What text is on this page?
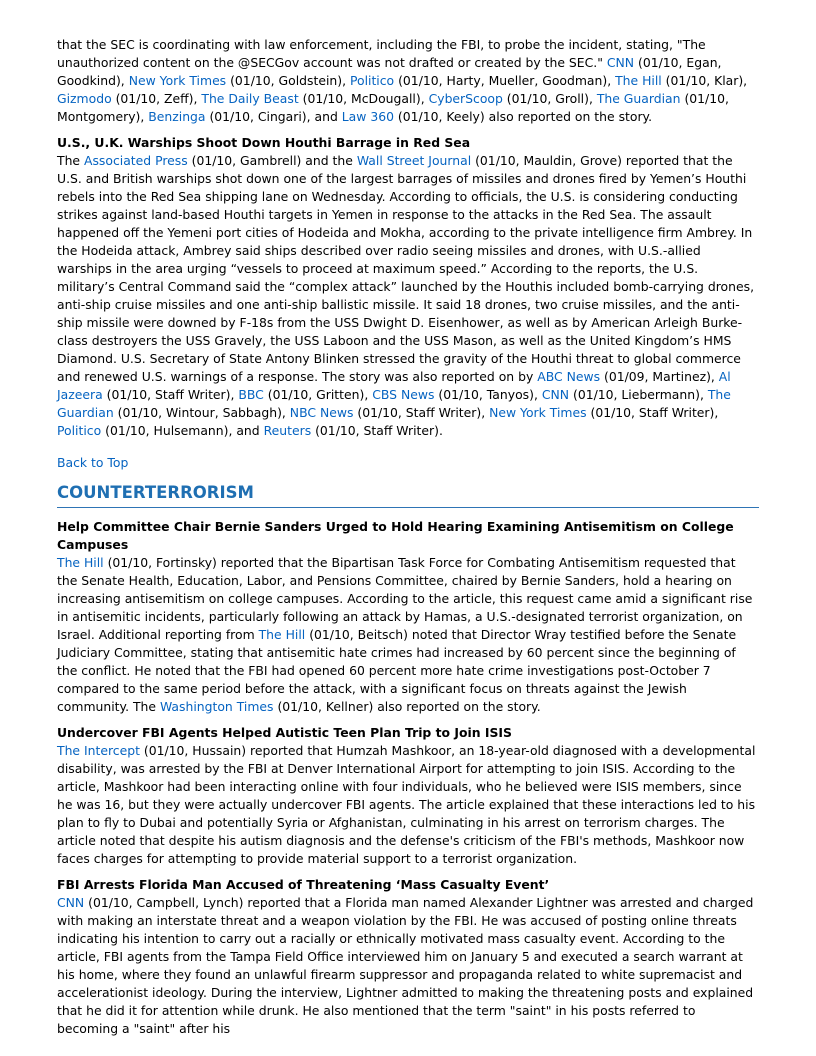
that the SEC is coordinating with law enforcement, including the FBI, to probe the incident, stating, "The unauthorized content on the @SECGov account was not drafted or created by the SEC." CNN (01/10, Egan, Goodkind), New York Times (01/10, Goldstein), Politico (01/10, Harty, Mueller, Goodman), The Hill (01/10, Klar), Gizmodo (01/10, Zeff), The Daily Beast (01/10, McDougall), CyberScoop (01/10, Groll), The Guardian (01/10, Montgomery), Benzinga (01/10, Cingari), and Law 360 (01/10, Keely) also reported on the story.

U.S., U.K. Warships Shoot Down Houthi Barrage in Red Sea

The Associated Press (01/10, Gambrell) and the Wall Street Journal (01/10, Mauldin, Grove) reported that the U.S. and British warships shot down one of the largest barrages of missiles and drones fired by Yemen’s Houthi rebels into the Red Sea shipping lane on Wednesday. According to officials, the U.S. is considering conducting strikes against land-based Houthi targets in Yemen in response to the attacks in the Red Sea. The assault happened off the Yemeni port cities of Hodeida and Mokha, according to the private intelligence firm Ambrey. In the Hodeida attack, Ambrey said ships described over radio seeing missiles and drones, with U.S.-allied warships in the area urging “vessels to proceed at maximum speed.” According to the reports, the U.S. military’s Central Command said the “complex attack” launched by the Houthis included bomb-carrying drones, anti-ship cruise missiles and one anti-ship ballistic missile. It said 18 drones, two cruise missiles, and the anti-ship missile were downed by F-18s from the USS Dwight D. Eisenhower, as well as by American Arleigh Burke-class destroyers the USS Gravely, the USS Laboon and the USS Mason, as well as the United Kingdom’s HMS Diamond. U.S. Secretary of State Antony Blinken stressed the gravity of the Houthi threat to global commerce and renewed U.S. warnings of a response. The story was also reported on by ABC News (01/09, Martinez), Al Jazeera (01/10, Staff Writer), BBC (01/10, Gritten), CBS News (01/10, Tanyos), CNN (01/10, Liebermann), The Guardian (01/10, Wintour, Sabbagh), NBC News (01/10, Staff Writer), New York Times (01/10, Staff Writer), Politico (01/10, Hulsemann), and Reuters (01/10, Staff Writer).

Back to Top
COUNTERTERRORISM

Help Committee Chair Bernie Sanders Urged to Hold Hearing Examining Antisemitism on College Campuses

The Hill (01/10, Fortinsky) reported that the Bipartisan Task Force for Combating Antisemitism requested that the Senate Health, Education, Labor, and Pensions Committee, chaired by Bernie Sanders, hold a hearing on increasing antisemitism on college campuses. According to the article, this request came amid a significant rise in antisemitic incidents, particularly following an attack by Hamas, a U.S.-designated terrorist organization, on Israel. Additional reporting from The Hill (01/10, Beitsch) noted that Director Wray testified before the Senate Judiciary Committee, stating that antisemitic hate crimes had increased by 60 percent since the beginning of the conflict. He noted that the FBI had opened 60 percent more hate crime investigations post-October 7 compared to the same period before the attack, with a significant focus on threats against the Jewish community. The Washington Times (01/10, Kellner) also reported on the story.

Undercover FBI Agents Helped Autistic Teen Plan Trip to Join ISIS

The Intercept (01/10, Hussain) reported that Humzah Mashkoor, an 18-year-old diagnosed with a developmental disability, was arrested by the FBI at Denver International Airport for attempting to join ISIS. According to the article, Mashkoor had been interacting online with four individuals, who he believed were ISIS members, since he was 16, but they were actually undercover FBI agents. The article explained that these interactions led to his plan to fly to Dubai and potentially Syria or Afghanistan, culminating in his arrest on terrorism charges. The article noted that despite his autism diagnosis and the defense's criticism of the FBI's methods, Mashkoor now faces charges for attempting to provide material support to a terrorist organization.

FBI Arrests Florida Man Accused of Threatening ‘Mass Casualty Event’

CNN (01/10, Campbell, Lynch) reported that a Florida man named Alexander Lightner was arrested and charged with making an interstate threat and a weapon violation by the FBI. He was accused of posting online threats indicating his intention to carry out a racially or ethnically motivated mass casualty event. According to the article, FBI agents from the Tampa Field Office interviewed him on January 5 and executed a search warrant at his home, where they found an unlawful firearm suppressor and propaganda related to white supremacist and accelerationist ideology. During the interview, Lightner admitted to making the threatening posts and explained that he did it for attention while drunk. He also mentioned that the term "saint" in his posts referred to becoming a "saint" after his
